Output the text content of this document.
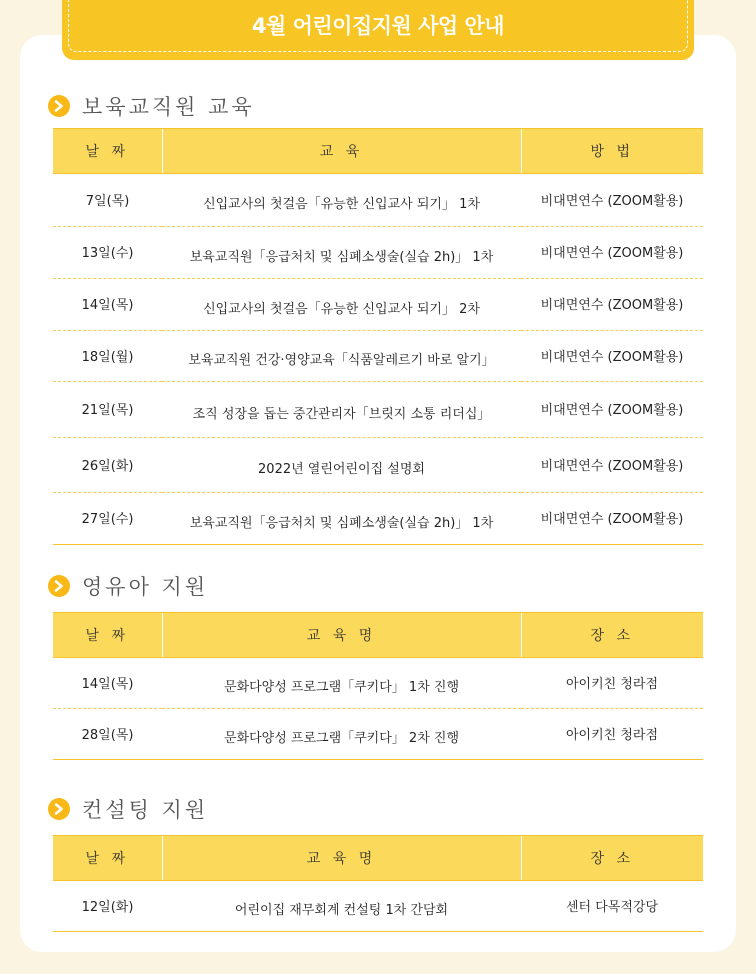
4월 어린이집지원 사업 안내
보육교직원 교육
날 짜	교 육	방 법
7일(목)	신입교사의 첫걸음「유능한 신입교사 되기」 1차	비대면연수 (ZOOM활용)
13일(수)	보육교직원「응급처치 및 심폐소생술(실습 2h)」 1차	비대면연수 (ZOOM활용)
14일(목)	신입교사의 첫걸음「유능한 신입교사 되기」 2차	비대면연수 (ZOOM활용)
18일(월)	보육교직원 건강·영양교육「식품알레르기 바로 알기」	비대면연수 (ZOOM활용)
21일(목)	조직 성장을 돕는 중간관리자「브릿지 소통 리더십」	비대면연수 (ZOOM활용)
26일(화)	2022년 열린어린이집 설명회	비대면연수 (ZOOM활용)
27일(수)	보육교직원「응급처치 및 심폐소생술(실습 2h)」 1차	비대면연수 (ZOOM활용)
영유아 지원
날 짜	교 육 명	장 소
14일(목)	문화다양성 프로그램「쿠키다」 1차 진행	아이키친 청라점
28일(목)	문화다양성 프로그램「쿠키다」 2차 진행	아이키친 청라점
컨설팅 지원
날 짜	교 육 명	장 소
12일(화)	어린이집 재무회계 컨설팅 1차 간담회	센터 다목적강당
